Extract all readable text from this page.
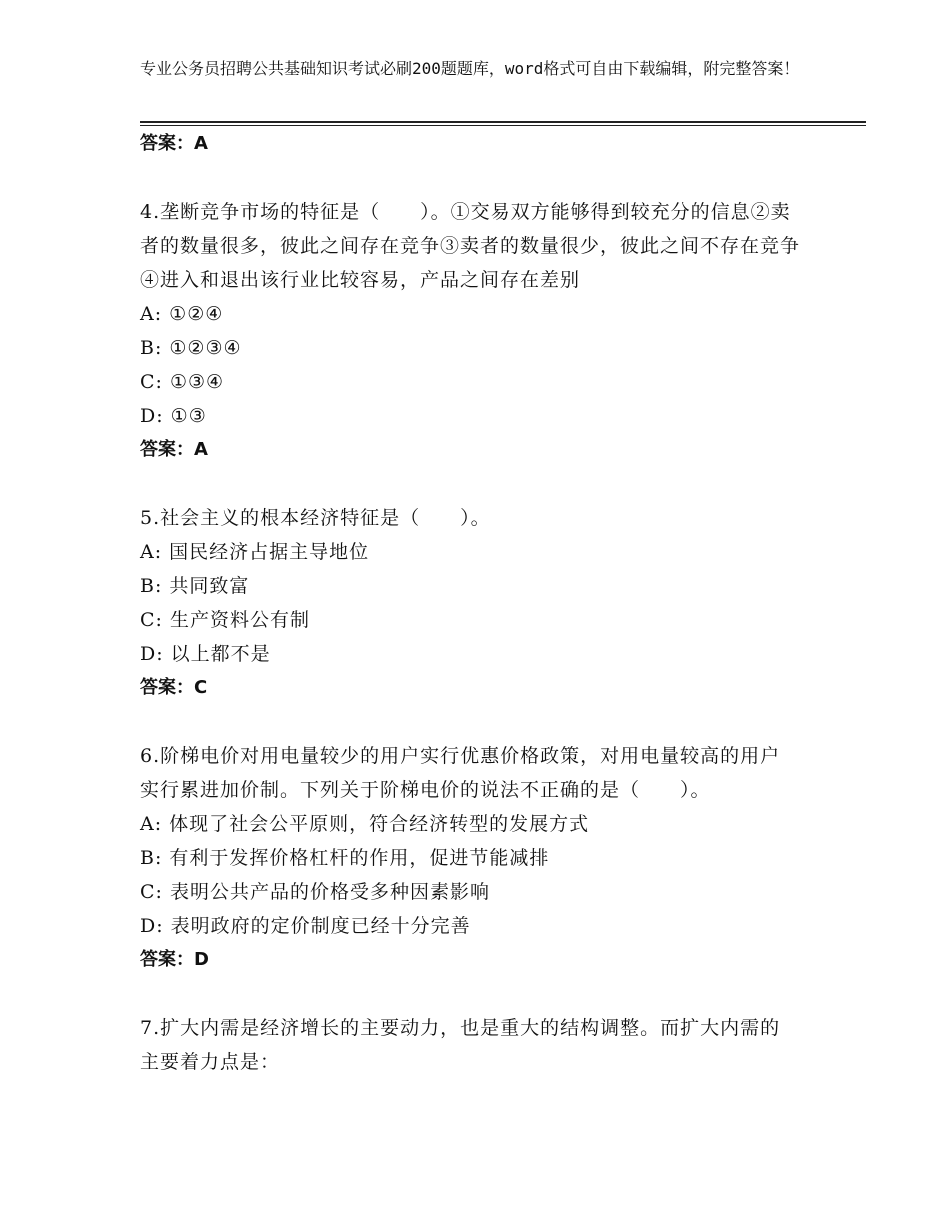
专业公务员招聘公共基础知识考试必刷200题题库，word格式可自由下载编辑，附完整答案！
答案：A
4.垄断竞争市场的特征是（　　）。①交易双方能够得到较充分的信息②卖者的数量很多，彼此之间存在竞争③卖者的数量很少，彼此之间不存在竞争④进入和退出该行业比较容易，产品之间存在差别
A: ①②④
B: ①②③④
C: ①③④
D: ①③
答案：A
5.社会主义的根本经济特征是（　　）。
A: 国民经济占据主导地位
B: 共同致富
C: 生产资料公有制
D: 以上都不是
答案：C
6.阶梯电价对用电量较少的用户实行优惠价格政策，对用电量较高的用户实行累进加价制。下列关于阶梯电价的说法不正确的是（　　）。
A: 体现了社会公平原则，符合经济转型的发展方式
B: 有利于发挥价格杠杆的作用，促进节能减排
C: 表明公共产品的价格受多种因素影响
D: 表明政府的定价制度已经十分完善
答案：D
7.扩大内需是经济增长的主要动力，也是重大的结构调整。而扩大内需的主要着力点是：
